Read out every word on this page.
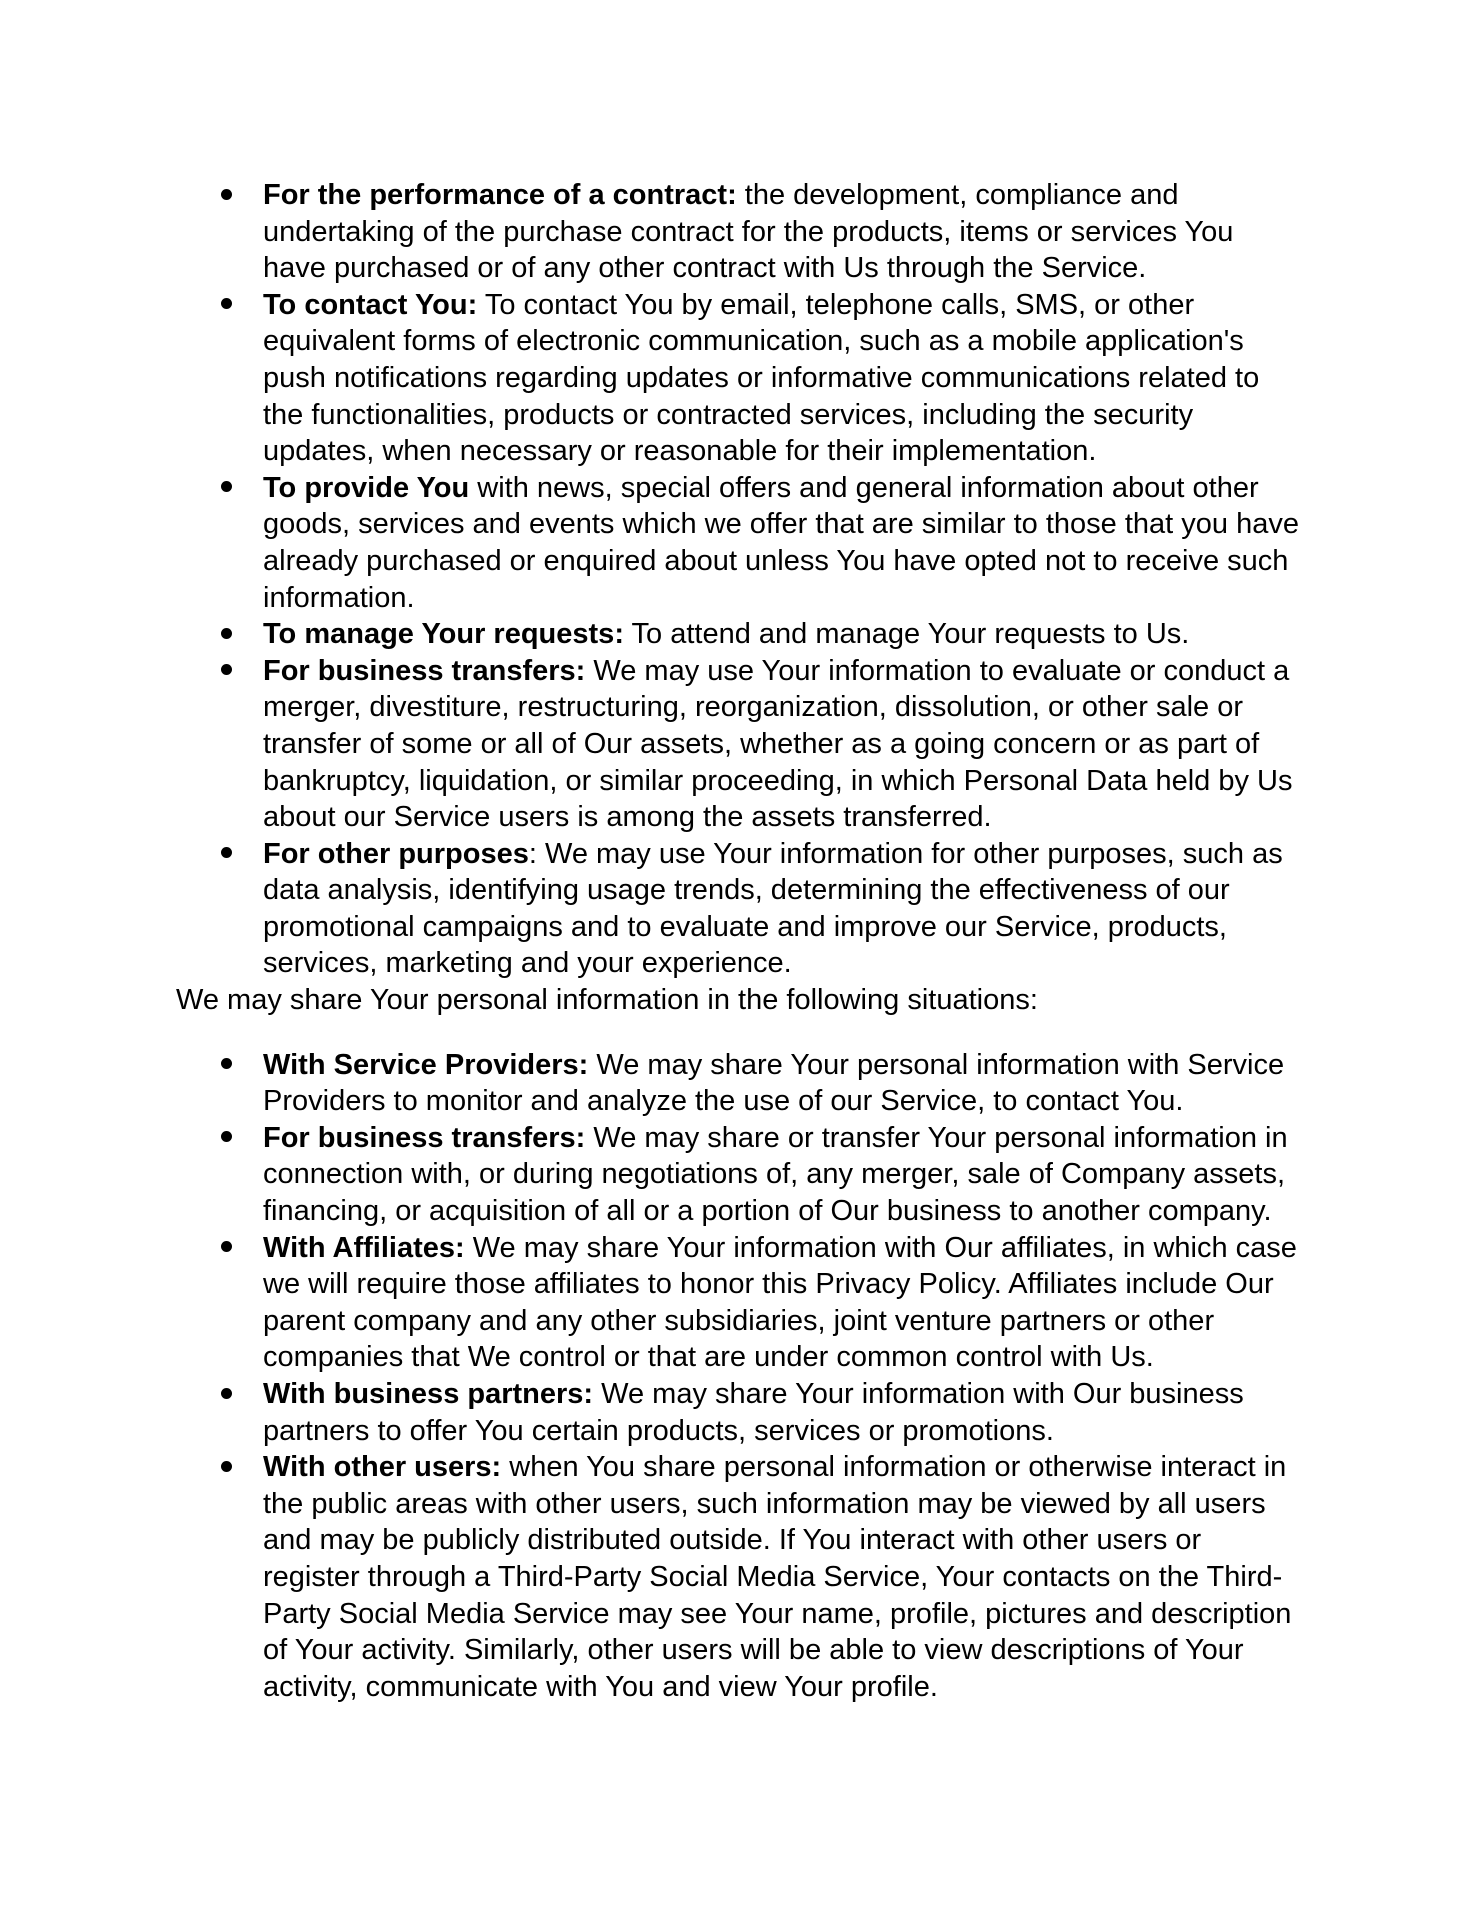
For the performance of a contract: the development, compliance and undertaking of the purchase contract for the products, items or services You have purchased or of any other contract with Us through the Service.
To contact You: To contact You by email, telephone calls, SMS, or other equivalent forms of electronic communication, such as a mobile application's push notifications regarding updates or informative communications related to the functionalities, products or contracted services, including the security updates, when necessary or reasonable for their implementation.
To provide You with news, special offers and general information about other goods, services and events which we offer that are similar to those that you have already purchased or enquired about unless You have opted not to receive such information.
To manage Your requests: To attend and manage Your requests to Us.
For business transfers: We may use Your information to evaluate or conduct a merger, divestiture, restructuring, reorganization, dissolution, or other sale or transfer of some or all of Our assets, whether as a going concern or as part of bankruptcy, liquidation, or similar proceeding, in which Personal Data held by Us about our Service users is among the assets transferred.
For other purposes: We may use Your information for other purposes, such as data analysis, identifying usage trends, determining the effectiveness of our promotional campaigns and to evaluate and improve our Service, products, services, marketing and your experience.

We may share Your personal information in the following situations:

With Service Providers: We may share Your personal information with Service Providers to monitor and analyze the use of our Service, to contact You.
For business transfers: We may share or transfer Your personal information in connection with, or during negotiations of, any merger, sale of Company assets, financing, or acquisition of all or a portion of Our business to another company.
With Affiliates: We may share Your information with Our affiliates, in which case we will require those affiliates to honor this Privacy Policy. Affiliates include Our parent company and any other subsidiaries, joint venture partners or other companies that We control or that are under common control with Us.
With business partners: We may share Your information with Our business partners to offer You certain products, services or promotions.
With other users: when You share personal information or otherwise interact in the public areas with other users, such information may be viewed by all users and may be publicly distributed outside. If You interact with other users or register through a Third-Party Social Media Service, Your contacts on the Third-Party Social Media Service may see Your name, profile, pictures and description of Your activity. Similarly, other users will be able to view descriptions of Your activity, communicate with You and view Your profile.
